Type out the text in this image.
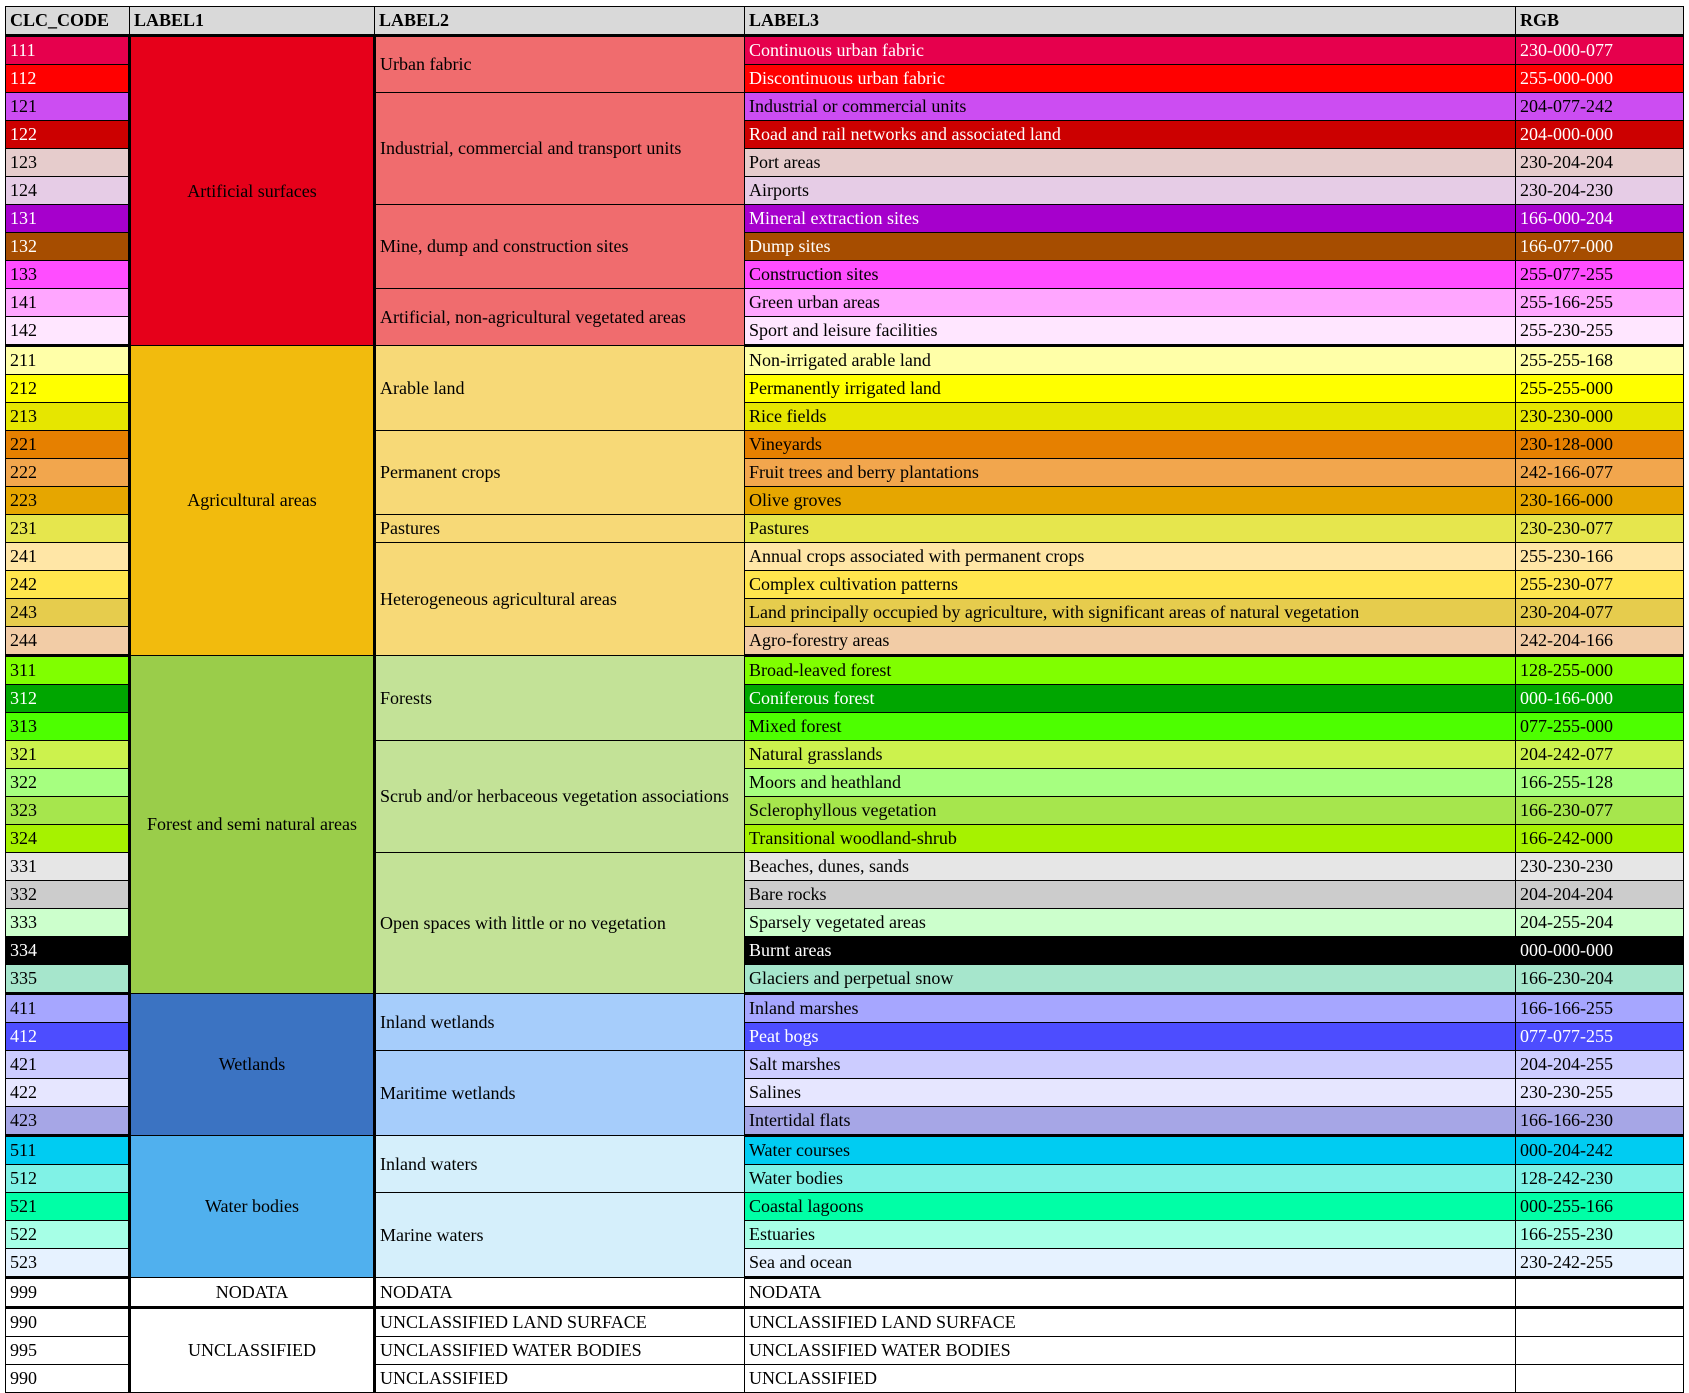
CLC_CODE	LABEL1	LABEL2	LABEL3	RGB
111	Artificial surfaces	Urban fabric	Continuous urban fabric	230-000-077
112			Discontinuous urban fabric	255-000-000
121		Industrial, commercial and transport units	Industrial or commercial units	204-077-242
122			Road and rail networks and associated land	204-000-000
123			Port areas	230-204-204
124			Airports	230-204-230
131		Mine, dump and construction sites	Mineral extraction sites	166-000-204
132			Dump sites	166-077-000
133			Construction sites	255-077-255
141		Artificial, non-agricultural vegetated areas	Green urban areas	255-166-255
142			Sport and leisure facilities	255-230-255
211	Agricultural areas	Arable land	Non-irrigated arable land	255-255-168
212			Permanently irrigated land	255-255-000
213			Rice fields	230-230-000
221		Permanent crops	Vineyards	230-128-000
222			Fruit trees and berry plantations	242-166-077
223			Olive groves	230-166-000
231		Pastures	Pastures	230-230-077
241		Heterogeneous agricultural areas	Annual crops associated with permanent crops	255-230-166
242			Complex cultivation patterns	255-230-077
243			Land principally occupied by agriculture, with significant areas of natural vegetation	230-204-077
244			Agro-forestry areas	242-204-166
311	Forest and semi natural areas	Forests	Broad-leaved forest	128-255-000
312			Coniferous forest	000-166-000
313			Mixed forest	077-255-000
321		Scrub and/or herbaceous vegetation associations	Natural grasslands	204-242-077
322			Moors and heathland	166-255-128
323			Sclerophyllous vegetation	166-230-077
324			Transitional woodland-shrub	166-242-000
331		Open spaces with little or no vegetation	Beaches, dunes, sands	230-230-230
332			Bare rocks	204-204-204
333			Sparsely vegetated areas	204-255-204
334			Burnt areas	000-000-000
335			Glaciers and perpetual snow	166-230-204
411	Wetlands	Inland wetlands	Inland marshes	166-166-255
412			Peat bogs	077-077-255
421		Maritime wetlands	Salt marshes	204-204-255
422			Salines	230-230-255
423			Intertidal flats	166-166-230
511	Water bodies	Inland waters	Water courses	000-204-242
512			Water bodies	128-242-230
521		Marine waters	Coastal lagoons	000-255-166
522			Estuaries	166-255-230
523			Sea and ocean	230-242-255
999	NODATA	NODATA	NODATA	
990	UNCLASSIFIED	UNCLASSIFIED LAND SURFACE	UNCLASSIFIED LAND SURFACE	
995		UNCLASSIFIED WATER BODIES	UNCLASSIFIED WATER BODIES	
990		UNCLASSIFIED	UNCLASSIFIED	
